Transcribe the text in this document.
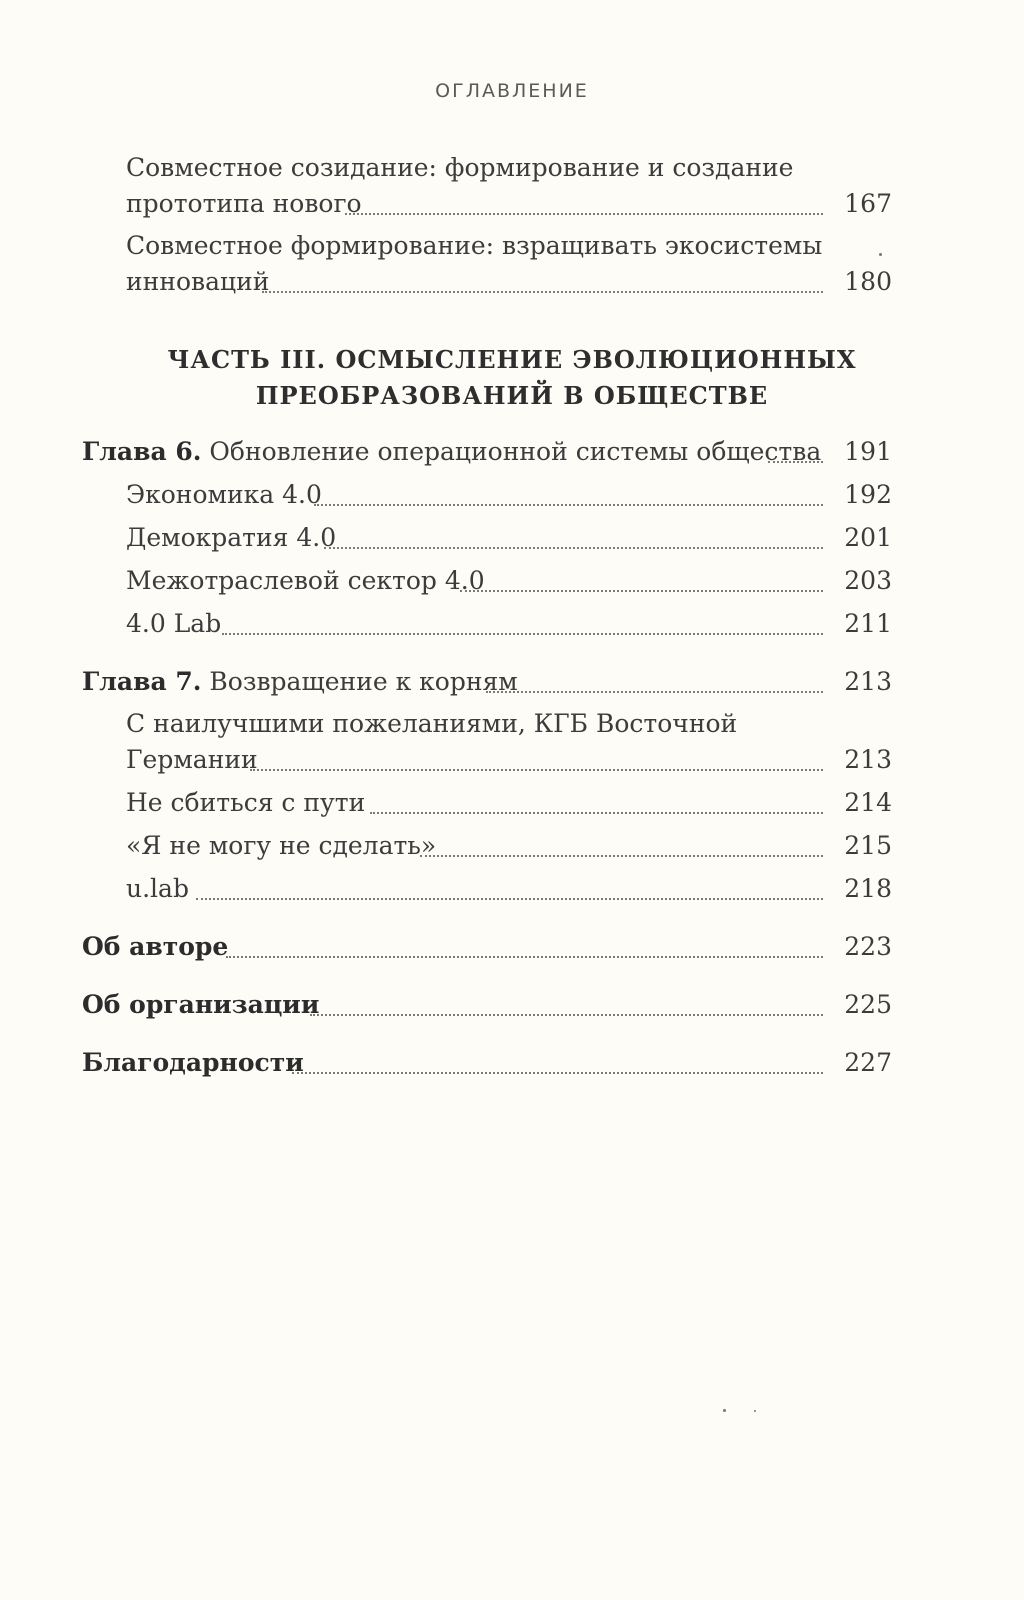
ОГЛАВЛЕНИЕ
Совместное созидание: формирование и создание
прототипа нового	167
Совместное формирование: взращивать экосистемы
инноваций	180
ЧАСТЬ III. ОСМЫСЛЕНИЕ ЭВОЛЮЦИОННЫХ
ПРЕОБРАЗОВАНИЙ В ОБЩЕСТВЕ
Глава 6. Обновление операционной системы общества 191
Экономика 4.0	192
Демократия 4.0	201
Межотраслевой сектор 4.0	203
4.0 Lab	211
Глава 7. Возвращение к корням	213
С наилучшими пожеланиями, КГБ Восточной
Германии	213
Не сбиться с пути	214
«Я не могу не сделать»	215
u.lab	218
Об авторе	223
Об организации	225
Благодарности	227
